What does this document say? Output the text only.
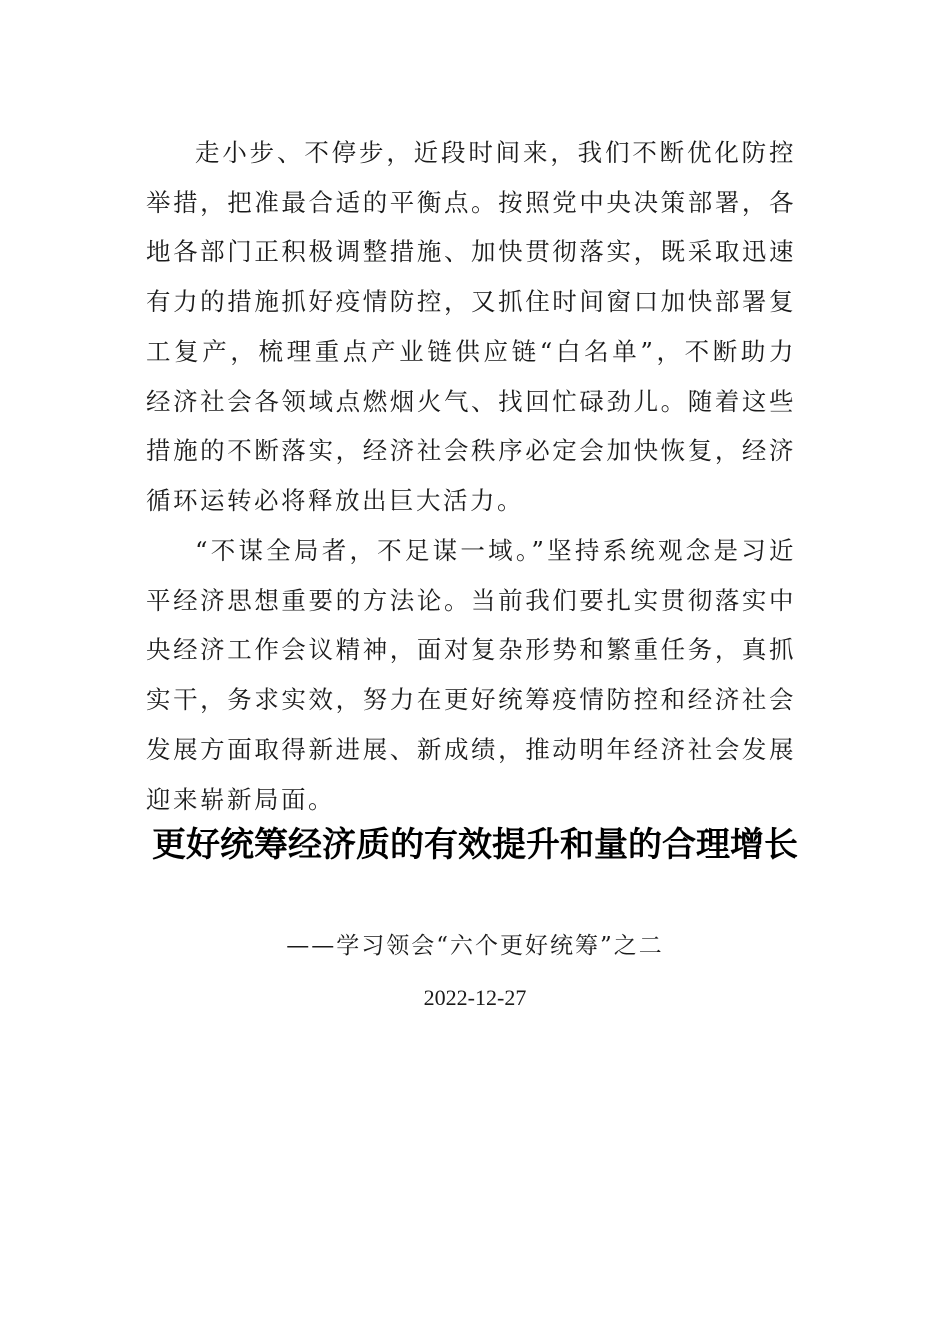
走小步、不停步，近段时间来，我们不断优化防控举措，把准最合适的平衡点。按照党中央决策部署，各地各部门正积极调整措施、加快贯彻落实，既采取迅速有力的措施抓好疫情防控，又抓住时间窗口加快部署复工复产，梳理重点产业链供应链“白名单”，不断助力经济社会各领域点燃烟火气、找回忙碌劲儿。随着这些措施的不断落实，经济社会秩序必定会加快恢复，经济循环运转必将释放出巨大活力。

“不谋全局者，不足谋一域。”坚持系统观念是习近平经济思想重要的方法论。当前我们要扎实贯彻落实中央经济工作会议精神，面对复杂形势和繁重任务，真抓实干，务求实效，努力在更好统筹疫情防控和经济社会发展方面取得新进展、新成绩，推动明年经济社会发展迎来崭新局面。

更好统筹经济质的有效提升和量的合理增长

——学习领会“六个更好统筹”之二

2022-12-27
